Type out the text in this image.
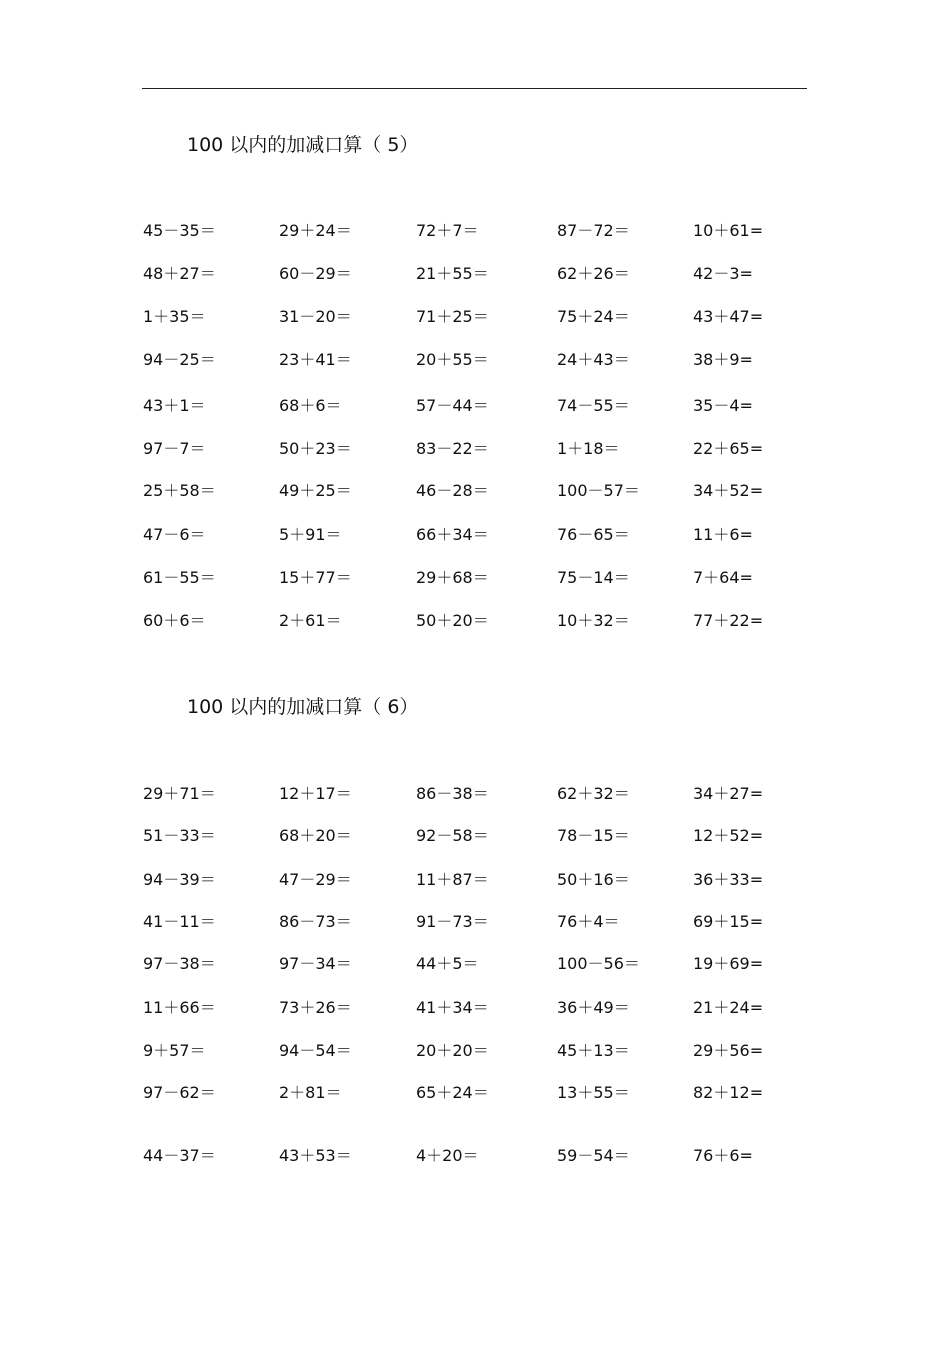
100 以内的加减口算（ 5）
45－35＝	29＋24＝	72＋7＝	87－72＝	10＋61=
48＋27＝	60－29＝	21＋55＝	62＋26＝	42－3=
1＋35＝	31－20＝	71＋25＝	75＋24＝	43＋47=
94－25＝	23＋41＝	20＋55＝	24＋43＝	38＋9=
43＋1＝	68＋6＝	57－44＝	74－55＝	35－4=
97－7＝	50＋23＝	83－22＝	1＋18＝	22＋65=
25＋58＝	49＋25＝	46－28＝	100－57＝	34＋52=
47－6＝	5＋91＝	66＋34＝	76－65＝	11＋6=
61－55＝	15＋77＝	29＋68＝	75－14＝	7＋64=
60＋6＝	2＋61＝	50＋20＝	10＋32＝	77＋22=
100 以内的加减口算（ 6）
29＋71＝	12＋17＝	86－38＝	62＋32＝	34＋27=
51－33＝	68＋20＝	92－58＝	78－15＝	12＋52=
94－39＝	47－29＝	11＋87＝	50＋16＝	36＋33=
41－11＝	86－73＝	91－73＝	76＋4＝	69＋15=
97－38＝	97－34＝	44＋5＝	100－56＝	19＋69=
11＋66＝	73＋26＝	41＋34＝	36＋49＝	21＋24=
9＋57＝	94－54＝	20＋20＝	45＋13＝	29＋56=
97－62＝	2＋81＝	65＋24＝	13＋55＝	82＋12=
44－37＝	43＋53＝	4＋20＝	59－54＝	76＋6=
